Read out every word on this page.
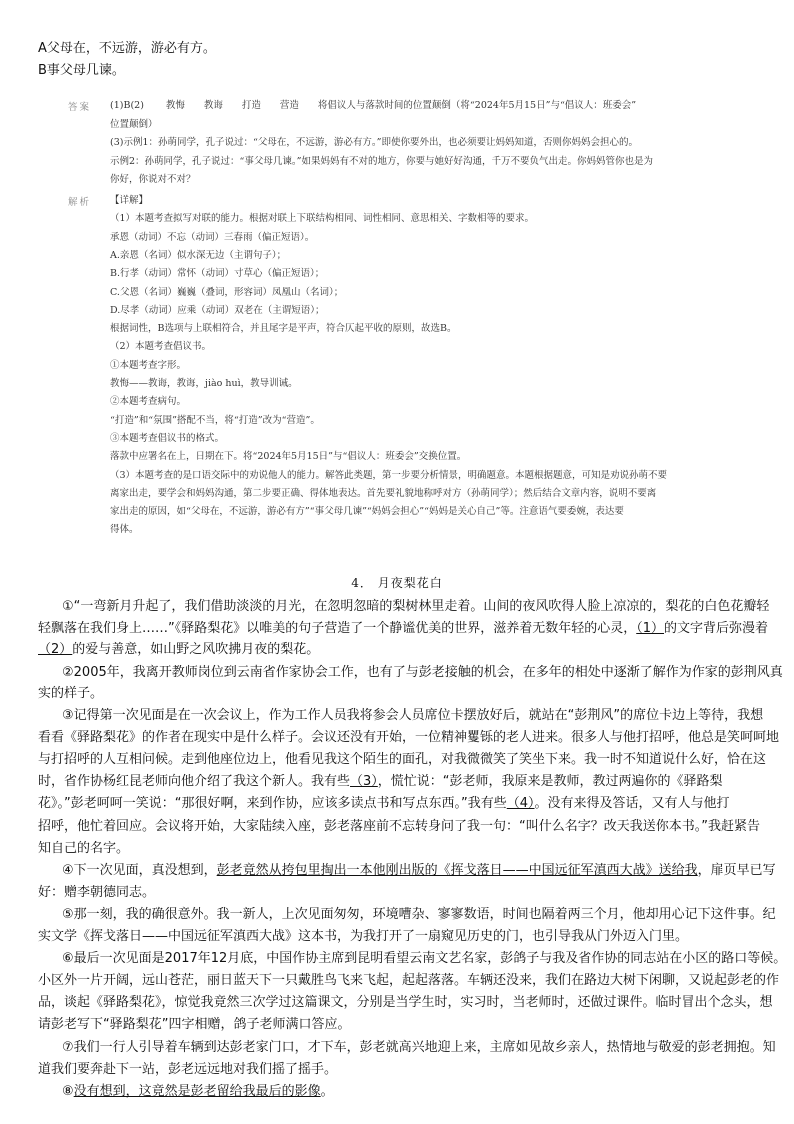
A父母在，不远游，游必有方。
B事父母几谏。
答案 (1)B(2)　　 教悔　　教诲　　打造　　营造　　将倡议人与落款时间的位置颠倒（将“2024年5月15日”与“倡议人：班委会”
位置颠倒）
(3)示例1：孙萌同学，孔子说过：“父母在，不远游，游必有方。”即使你要外出，也必须要让妈妈知道，否则你妈妈会担心的。
示例2：孙萌同学，孔子说过：“事父母几谏。”如果妈妈有不对的地方，你要与她好好沟通，千万不要负气出走。你妈妈管你也是为
你好，你说对不对？
解析 【详解】
（1）本题考查拟写对联的能力。根据对联上下联结构相同、词性相同、意思相关、字数相等的要求。
承恩（动词）不忘（动词）三春雨（偏正短语）。
A.亲恩（名词）似水深无边（主谓句子）；
B.行孝（动词）常怀（动词）寸草心（偏正短语）；
C.父恩（名词）巍巍（叠词，形容词）凤凰山（名词）；
D.尽孝（动词）应乘（动词）双老在（主谓短语）；
根据词性，B选项与上联相符合，并且尾字是平声，符合仄起平收的原则，故选B。
（2）本题考查倡议书。
①本题考查字形。
教悔——教诲，教诲，jiào huì，教导训诫。
②本题考查病句。
“打造”和“氛围”搭配不当，将“打造”改为“营造”。
③本题考查倡议书的格式。
落款中应署名在上，日期在下。将“2024年5月15日”与“倡议人：班委会”交换位置。
（3）本题考查的是口语交际中的劝说他人的能力。解答此类题，第一步要分析情景，明确题意。本题根据题意，可知是劝说孙萌不要
离家出走，要学会和妈妈沟通，第二步要正确、得体地表达。首先要礼貌地称呼对方（孙萌同学）；然后结合文章内容，说明不要离
家出走的原因，如“父母在，不远游，游必有方”“事父母几谏”“妈妈会担心”“妈妈是关心自己”等。注意语气要委婉，表达要
得体。
4． 月夜梨花白
①“一弯新月升起了，我们借助淡淡的月光，在忽明忽暗的梨树林里走着。山间的夜风吹得人脸上凉凉的，梨花的白色花瓣轻
轻飘落在我们身上……”《驿路梨花》以唯美的句子营造了一个静谧优美的世界，滋养着无数年轻的心灵，（1）的文字背后弥漫着
（2）的爱与善意，如山野之风吹拂月夜的梨花。
②2005年，我离开教师岗位到云南省作家协会工作，也有了与彭老接触的机会，在多年的相处中逐渐了解作为作家的彭荆风真
实的样子。
③记得第一次见面是在一次会议上，作为工作人员我将参会人员席位卡摆放好后，就站在“彭荆风”的席位卡边上等待，我想
看看《驿路梨花》的作者在现实中是什么样子。会议还没有开始，一位精神矍铄的老人进来。很多人与他打招呼，他总是笑呵呵地
与打招呼的人互相问候。走到他座位边上，他看见我这个陌生的面孔，对我微微笑了笑坐下来。我一时不知道说什么好，恰在这
时，省作协杨红昆老师向他介绍了我这个新人。我有些（3），慌忙说：“彭老师，我原来是教师，教过两遍你的《驿路梨
花》。”彭老呵呵一笑说：“那很好啊，来到作协，应该多读点书和写点东西。”我有些（4）。没有来得及答话，又有人与他打
招呼，他忙着回应。会议将开始，大家陆续入座，彭老落座前不忘转身问了我一句：“叫什么名字？改天我送你本书。”我赶紧告
知自己的名字。
④下一次见面，真没想到，彭老竟然从挎包里掏出一本他刚出版的《挥戈落日——中国远征军滇西大战》送给我，扉页早已写
好：赠李朝德同志。
⑤那一刻，我的确很意外。我一新人，上次见面匆匆，环境嘈杂、寥寥数语，时间也隔着两三个月，他却用心记下这件事。纪
实文学《挥戈落日——中国远征军滇西大战》这本书，为我打开了一扇窥见历史的门，也引导我从门外迈入门里。
⑥最后一次见面是2017年12月底，中国作协主席到昆明看望云南文艺名家，彭鸽子与我及省作协的同志站在小区的路口等候。
小区外一片开阔，远山苍茫，丽日蓝天下一只戴胜鸟飞来飞起，起起落落。车辆还没来，我们在路边大树下闲聊，又说起彭老的作
品，谈起《驿路梨花》，惊觉我竟然三次学过这篇课文，分别是当学生时，实习时，当老师时，还做过课件。临时冒出个念头，想
请彭老写下“驿路梨花”四字相赠，鸽子老师满口答应。
⑦我们一行人引导着车辆到达彭老家门口，才下车，彭老就高兴地迎上来，主席如见故乡亲人，热情地与敬爱的彭老拥抱。知
道我们要奔赴下一站，彭老远远地对我们摇了摇手。
⑧没有想到，这竟然是彭老留给我最后的影像。
